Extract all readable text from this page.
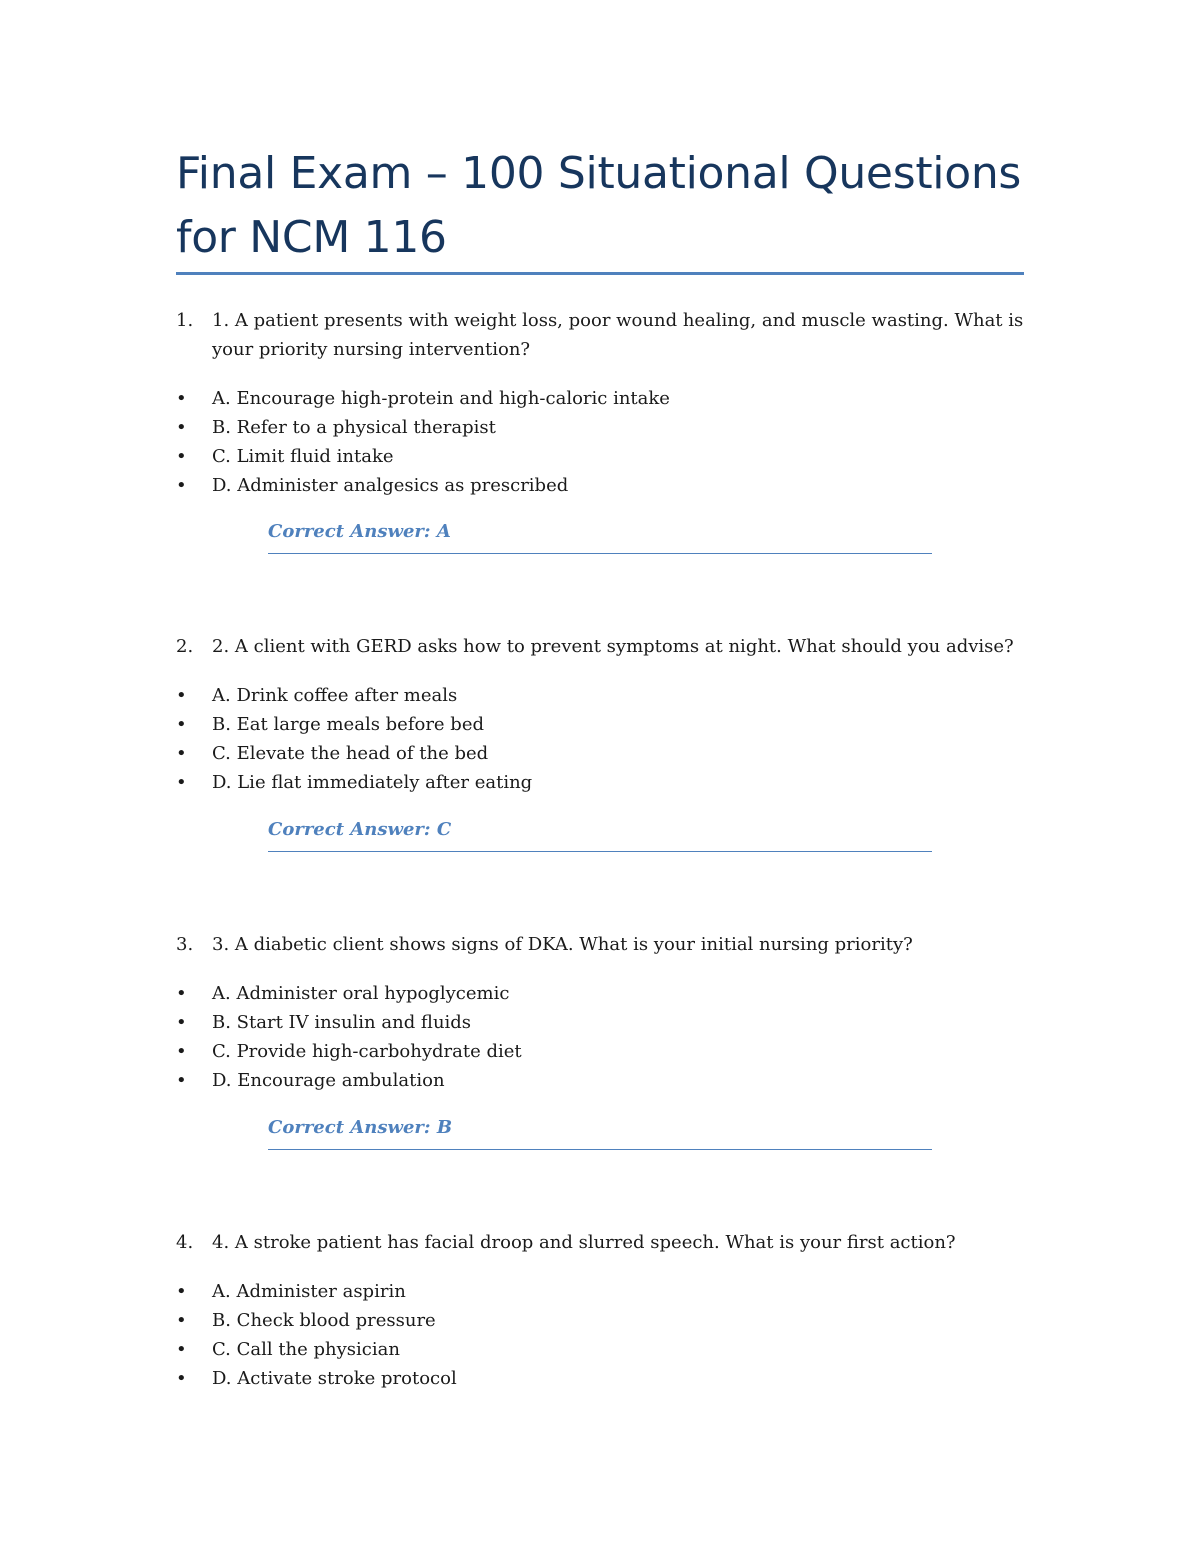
Final Exam – 100 Situational Questions for NCM 116

1. 1. A patient presents with weight loss, poor wound healing, and muscle wasting. What is your priority nursing intervention?

• A. Encourage high-protein and high-caloric intake
• B. Refer to a physical therapist
• C. Limit fluid intake
• D. Administer analgesics as prescribed
Correct Answer: A

2. 2. A client with GERD asks how to prevent symptoms at night. What should you advise?

• A. Drink coffee after meals
• B. Eat large meals before bed
• C. Elevate the head of the bed
• D. Lie flat immediately after eating
Correct Answer: C

3. 3. A diabetic client shows signs of DKA. What is your initial nursing priority?

• A. Administer oral hypoglycemic
• B. Start IV insulin and fluids
• C. Provide high-carbohydrate diet
• D. Encourage ambulation
Correct Answer: B

4. 4. A stroke patient has facial droop and slurred speech. What is your first action?

• A. Administer aspirin
• B. Check blood pressure
• C. Call the physician
• D. Activate stroke protocol
